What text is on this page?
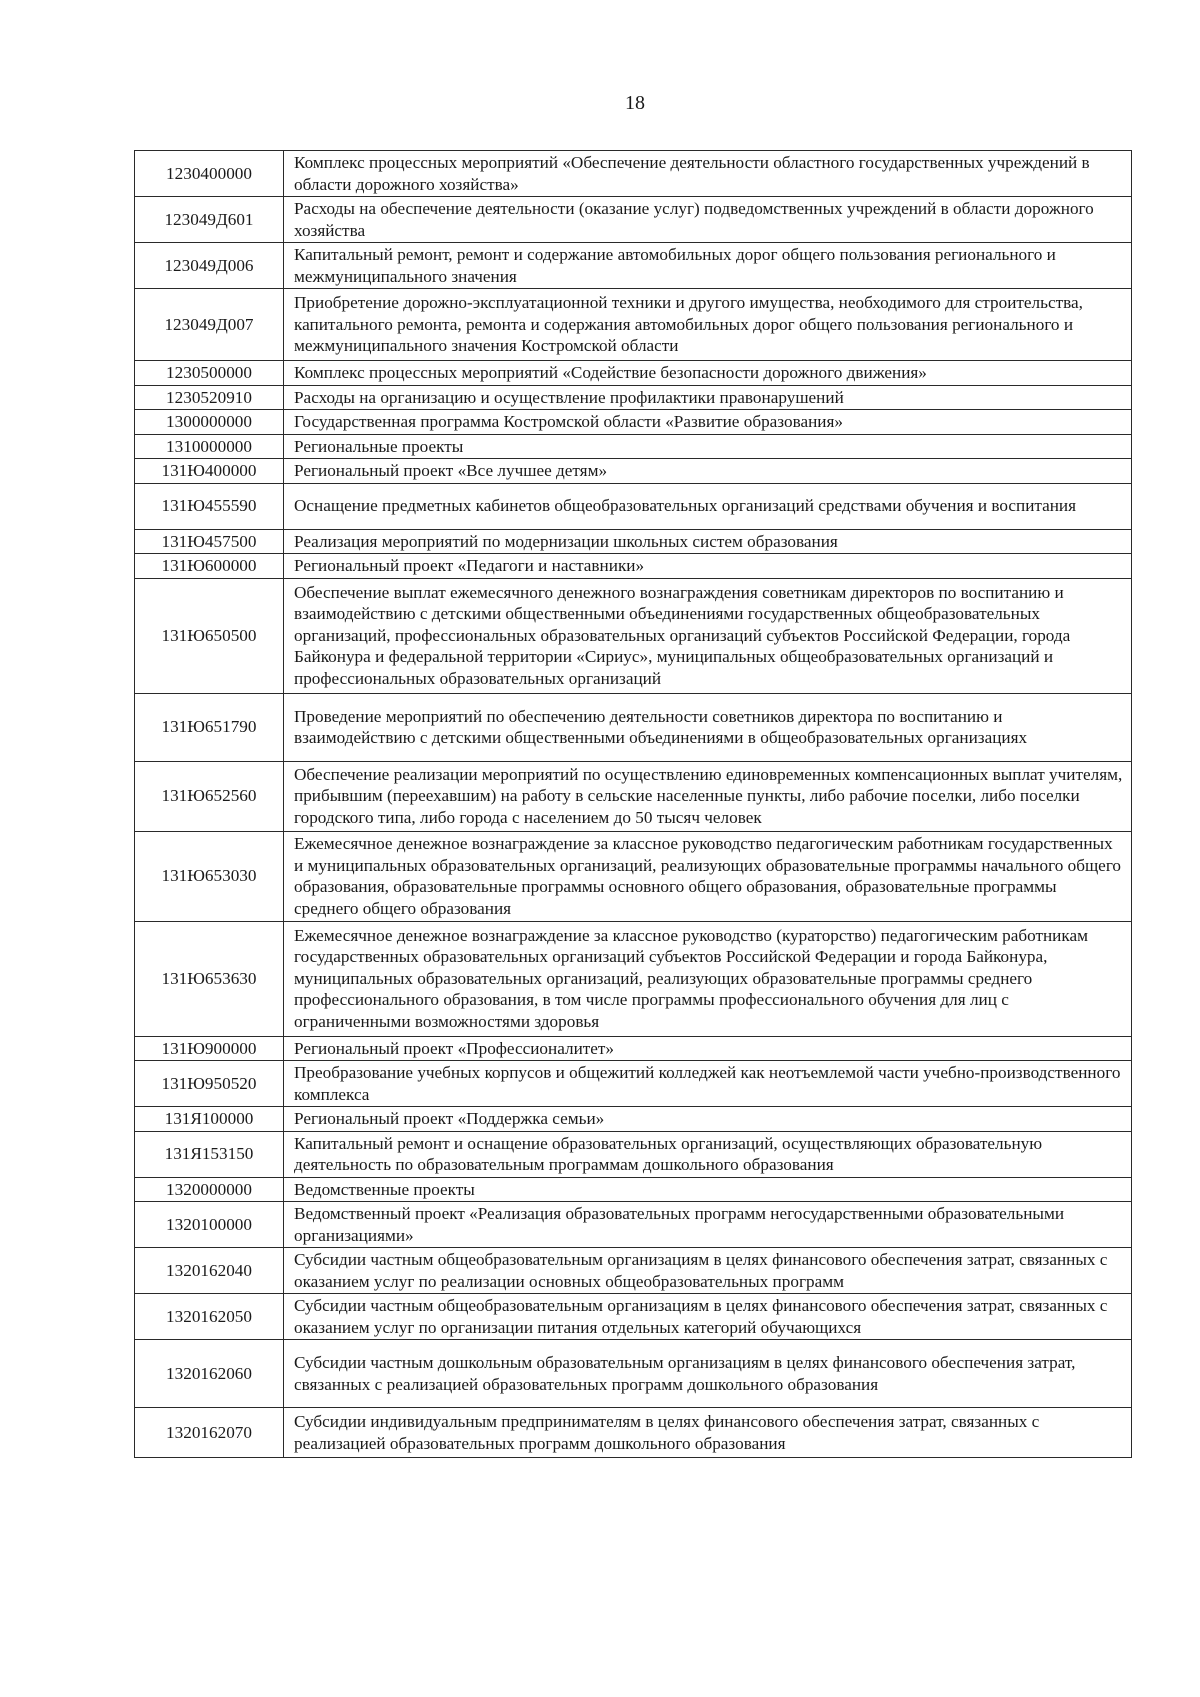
18
1230400000	Комплекс процессных мероприятий «Обеспечение деятельности областного государственных учреждений в области дорожного хозяйства»
123049Д601	Расходы на обеспечение деятельности (оказание услуг) подведомственных учреждений в области дорожного хозяйства
123049Д006	Капитальный ремонт, ремонт и содержание автомобильных дорог общего пользования регионального и межмуниципального значения
123049Д007	Приобретение дорожно-эксплуатационной техники и другого имущества, необходимого для строительства, капитального ремонта, ремонта и содержания автомобильных дорог общего пользования регионального и межмуниципального значения Костромской области
1230500000	Комплекс процессных мероприятий «Содействие безопасности дорожного движения»
1230520910	Расходы на организацию и осуществление профилактики правонарушений
1300000000	Государственная программа Костромской области «Развитие образования»
1310000000	Региональные проекты
131Ю400000	Региональный проект «Все лучшее детям»
131Ю455590	Оснащение предметных кабинетов общеобразовательных организаций средствами обучения и воспитания
131Ю457500	Реализация мероприятий по модернизации школьных систем образования
131Ю600000	Региональный проект «Педагоги и наставники»
131Ю650500	Обеспечение выплат ежемесячного денежного вознаграждения советникам директоров по воспитанию и взаимодействию с детскими общественными объединениями государственных общеобразовательных организаций, профессиональных образовательных организаций субъектов Российской Федерации, города Байконура и федеральной территории «Сириус», муниципальных общеобразовательных организаций и профессиональных образовательных организаций
131Ю651790	Проведение мероприятий по обеспечению деятельности советников директора по воспитанию и взаимодействию с детскими общественными объединениями в общеобразовательных организациях
131Ю652560	Обеспечение реализации мероприятий по осуществлению единовременных компенсационных выплат учителям, прибывшим (переехавшим) на работу в сельские населенные пункты, либо рабочие поселки, либо поселки городского типа, либо города с населением до 50 тысяч человек
131Ю653030	Ежемесячное денежное вознаграждение за классное руководство педагогическим работникам государственных и муниципальных образовательных организаций, реализующих образовательные программы начального общего образования, образовательные программы основного общего образования, образовательные программы среднего общего образования
131Ю653630	Ежемесячное денежное вознаграждение за классное руководство (кураторство) педагогическим работникам государственных образовательных организаций субъектов Российской Федерации и города Байконура, муниципальных образовательных организаций, реализующих образовательные программы среднего профессионального образования, в том числе программы профессионального обучения для лиц с ограниченными возможностями здоровья
131Ю900000	Региональный проект «Профессионалитет»
131Ю950520	Преобразование учебных корпусов и общежитий колледжей как неотъемлемой части учебно-производственного комплекса
131Я100000	Региональный проект «Поддержка семьи»
131Я153150	Капитальный ремонт и оснащение образовательных организаций, осуществляющих образовательную деятельность по образовательным программам дошкольного образования
1320000000	Ведомственные проекты
1320100000	Ведомственный проект «Реализация образовательных программ негосударственными образовательными организациями»
1320162040	Субсидии частным общеобразовательным организациям в целях финансового обеспечения затрат, связанных с оказанием услуг по реализации основных общеобразовательных программ
1320162050	Субсидии частным общеобразовательным организациям в целях финансового обеспечения затрат, связанных с оказанием услуг по организации питания отдельных категорий обучающихся
1320162060	Субсидии частным дошкольным образовательным организациям в целях финансового обеспечения затрат, связанных с реализацией образовательных программ дошкольного образования
1320162070	Субсидии индивидуальным предпринимателям в целях финансового обеспечения затрат, связанных с реализацией образовательных программ дошкольного образования
